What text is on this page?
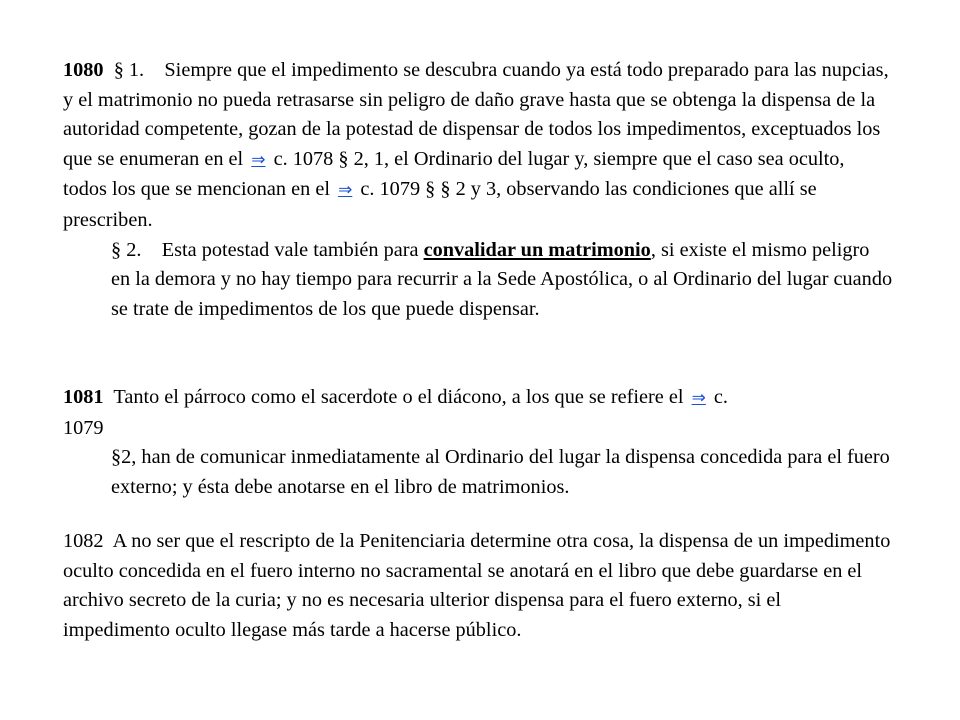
1080 § 1. Siempre que el impedimento se descubra cuando ya está todo preparado para las nupcias, y el matrimonio no pueda retrasarse sin peligro de daño grave hasta que se obtenga la dispensa de la autoridad competente, gozan de la potestad de dispensar de todos los impedimentos, exceptuados los que se enumeran en el ⇒ c. 1078 § 2, 1, el Ordinario del lugar y, siempre que el caso sea oculto, todos los que se mencionan en el ⇒ c. 1079 § § 2 y 3, observando las condiciones que allí se prescriben.

§ 2. Esta potestad vale también para convalidar un matrimonio, si existe el mismo peligro en la demora y no hay tiempo para recurrir a la Sede Apostólica, o al Ordinario del lugar cuando se trate de impedimentos de los que puede dispensar.

1081 Tanto el párroco como el sacerdote o el diácono, a los que se refiere el ⇒ c.

1079

§2, han de comunicar inmediatamente al Ordinario del lugar la dispensa concedida para el fuero externo; y ésta debe anotarse en el libro de matrimonios.

1082 A no ser que el rescripto de la Penitenciaria determine otra cosa, la dispensa de un impedimento oculto concedida en el fuero interno no sacramental se anotará en el libro que debe guardarse en el archivo secreto de la curia; y no es necesaria ulterior dispensa para el fuero externo, si el impedimento oculto llegase más tarde a hacerse público.
